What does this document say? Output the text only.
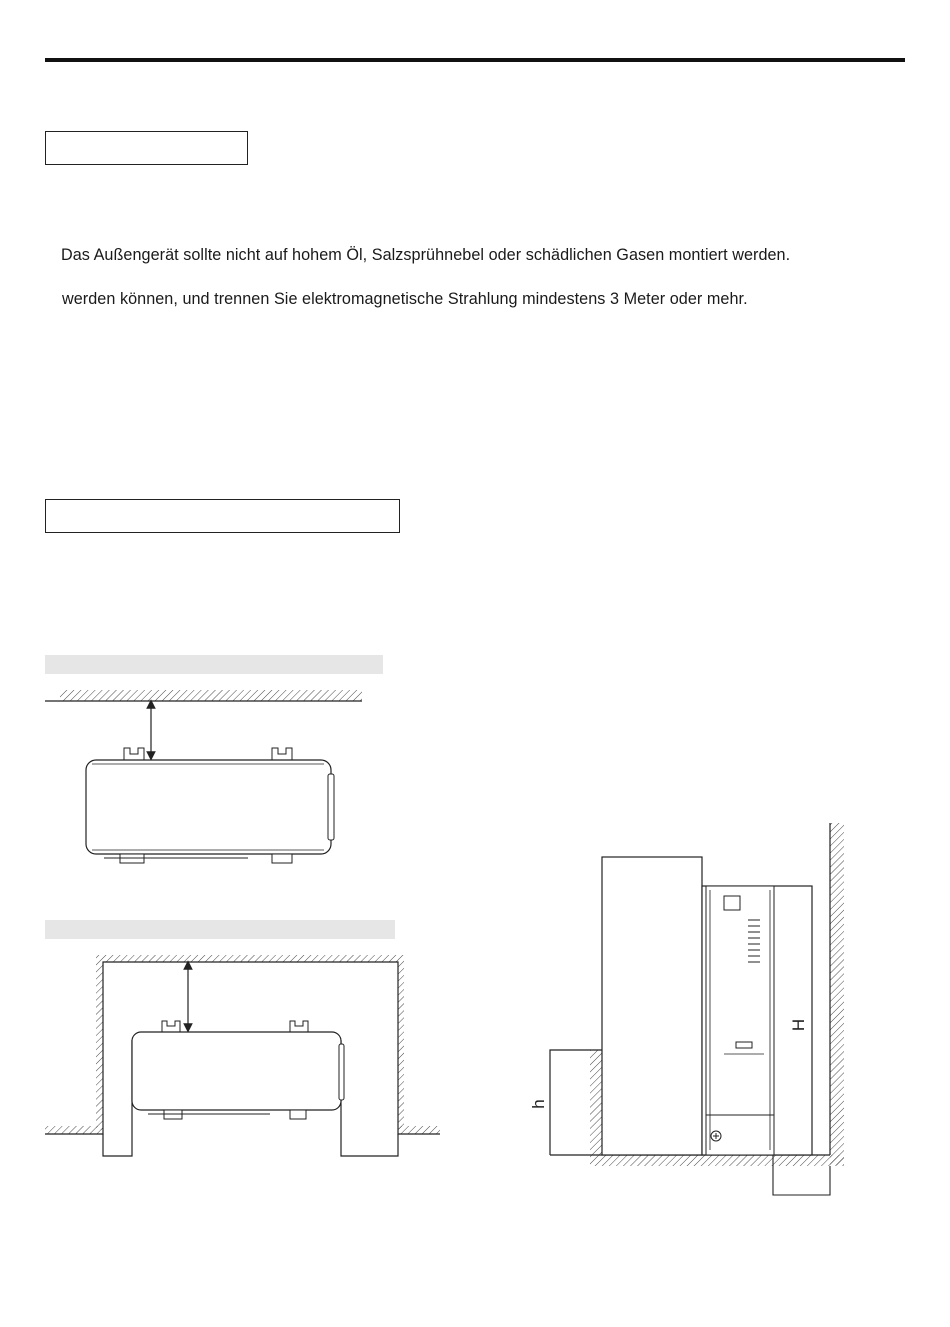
Das Außengerät sollte nicht auf hohem Öl, Salzsprühnebel oder schädlichen Gasen montiert werden.
werden können, und trennen Sie elektromagnetische Strahlung mindestens 3 Meter oder mehr.
h
H
